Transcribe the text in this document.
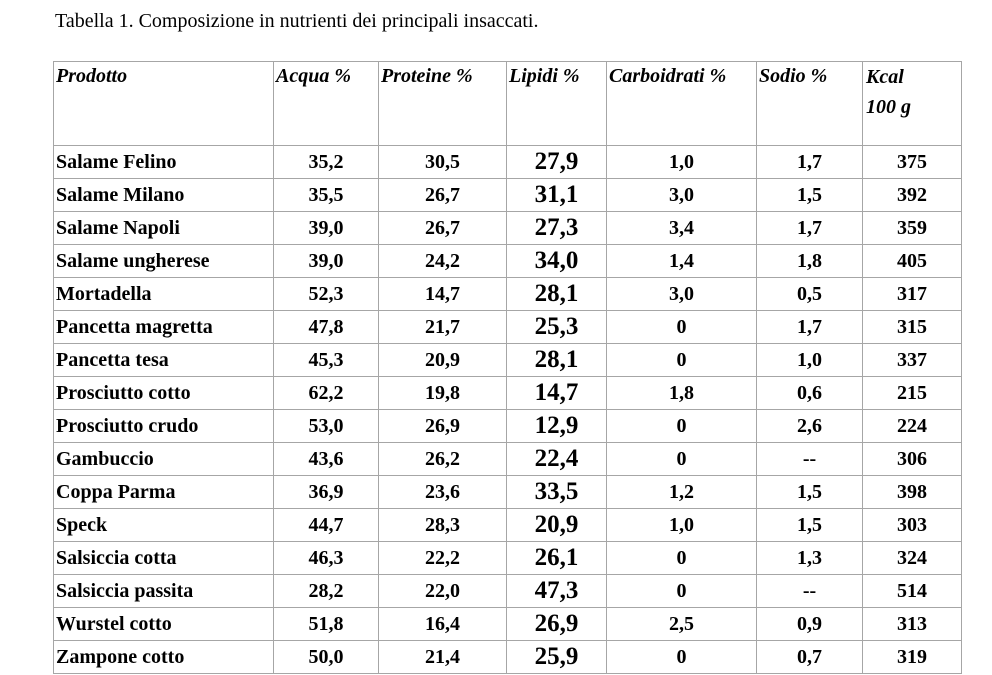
Tabella 1. Composizione in nutrienti dei principali insaccati.
Prodotto	Acqua %	Proteine %	Lipidi %	Carboidrati %	Sodio %	Kcal
100 g
Salame Felino	35,2	30,5	27,9	1,0	1,7	375
Salame Milano	35,5	26,7	31,1	3,0	1,5	392
Salame Napoli	39,0	26,7	27,3	3,4	1,7	359
Salame ungherese	39,0	24,2	34,0	1,4	1,8	405
Mortadella	52,3	14,7	28,1	3,0	0,5	317
Pancetta magretta	47,8	21,7	25,3	0	1,7	315
Pancetta tesa	45,3	20,9	28,1	0	1,0	337
Prosciutto cotto	62,2	19,8	14,7	1,8	0,6	215
Prosciutto crudo	53,0	26,9	12,9	0	2,6	224
Gambuccio	43,6	26,2	22,4	0	--	306
Coppa Parma	36,9	23,6	33,5	1,2	1,5	398
Speck	44,7	28,3	20,9	1,0	1,5	303
Salsiccia cotta	46,3	22,2	26,1	0	1,3	324
Salsiccia passita	28,2	22,0	47,3	0	--	514
Wurstel cotto	51,8	16,4	26,9	2,5	0,9	313
Zampone cotto	50,0	21,4	25,9	0	0,7	319
